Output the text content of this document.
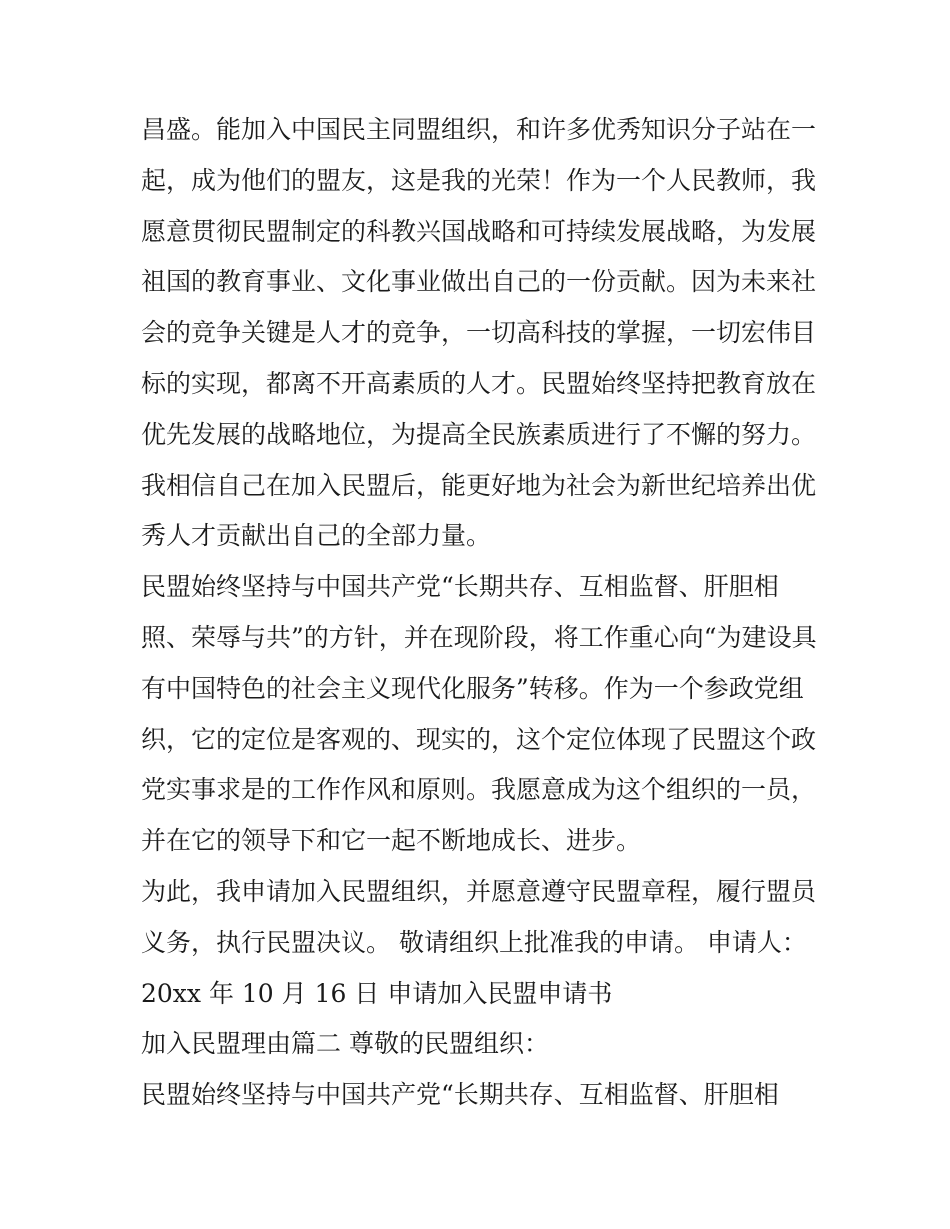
昌盛。能加入中国民主同盟组织，和许多优秀知识分子站在一
起，成为他们的盟友，这是我的光荣！作为一个人民教师，我
愿意贯彻民盟制定的科教兴国战略和可持续发展战略，为发展
祖国的教育事业、文化事业做出自己的一份贡献。因为未来社
会的竞争关键是人才的竞争，一切高科技的掌握，一切宏伟目
标的实现，都离不开高素质的人才。民盟始终坚持把教育放在
优先发展的战略地位，为提高全民族素质进行了不懈的努力。
我相信自己在加入民盟后，能更好地为社会为新世纪培养出优
秀人才贡献出自己的全部力量。
民盟始终坚持与中国共产党“长期共存、互相监督、肝胆相
照、荣辱与共”的方针，并在现阶段，将工作重心向“为建设具
有中国特色的社会主义现代化服务”转移。作为一个参政党组
织，它的定位是客观的、现实的，这个定位体现了民盟这个政
党实事求是的工作作风和原则。我愿意成为这个组织的一员，
并在它的领导下和它一起不断地成长、进步。
为此，我申请加入民盟组织，并愿意遵守民盟章程，履行盟员
义务，执行民盟决议。 敬请组织上批准我的申请。 申请人：
20xx 年 10 月 16 日 申请加入民盟申请书
加入民盟理由篇二 尊敬的民盟组织：
民盟始终坚持与中国共产党“长期共存、互相监督、肝胆相
